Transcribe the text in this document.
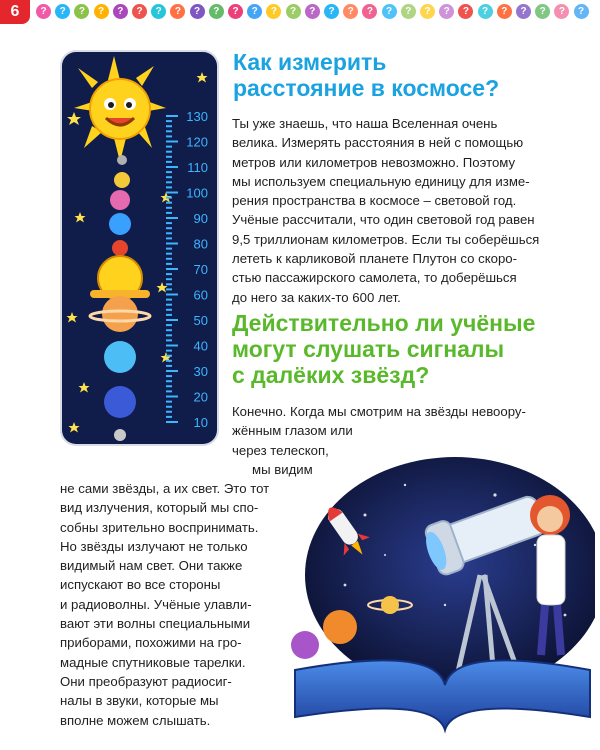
6	?	?	?	?	?	?	?	?	?	?	?	?	?	?	?	?	?	?	?	?	?	?	?	?	?	?	?	?	?
130
120
110
100
90
80
70
60
50
40
30
20
10
Как измерить
расстояние в космосе?
Ты уже знаешь, что наша Вселенная очень
велика. Измерять расстояния в ней с помощью
метров или километров невозможно. Поэтому
мы используем специальную единицу для изме-
рения пространства в космосе – световой год.
Учёные рассчитали, что один световой год равен
9,5 триллионам километров. Если ты соберёшься
лететь к карликовой планете Плутон со скоро-
стью пассажирского самолета, то доберёшься
до него за каких-то 600 лет.
Действительно ли учёные
могут слушать сигналы
с далёких звёзд?
Конечно. Когда мы смотрим на звёзды невоору-
жённым глазом или
через телескоп,
мы видим
не сами звёзды, а их свет. Это тот
вид излучения, который мы спо-
собны зрительно воспринимать.
Но звёзды излучают не только
видимый нам свет. Они также
испускают во все стороны
и радиоволны. Учёные улавли-
вают эти волны специальными
приборами, похожими на гро-
мадные спутниковые тарелки.
Они преобразуют радиосиг-
налы в звуки, которые мы
вполне можем слышать.
